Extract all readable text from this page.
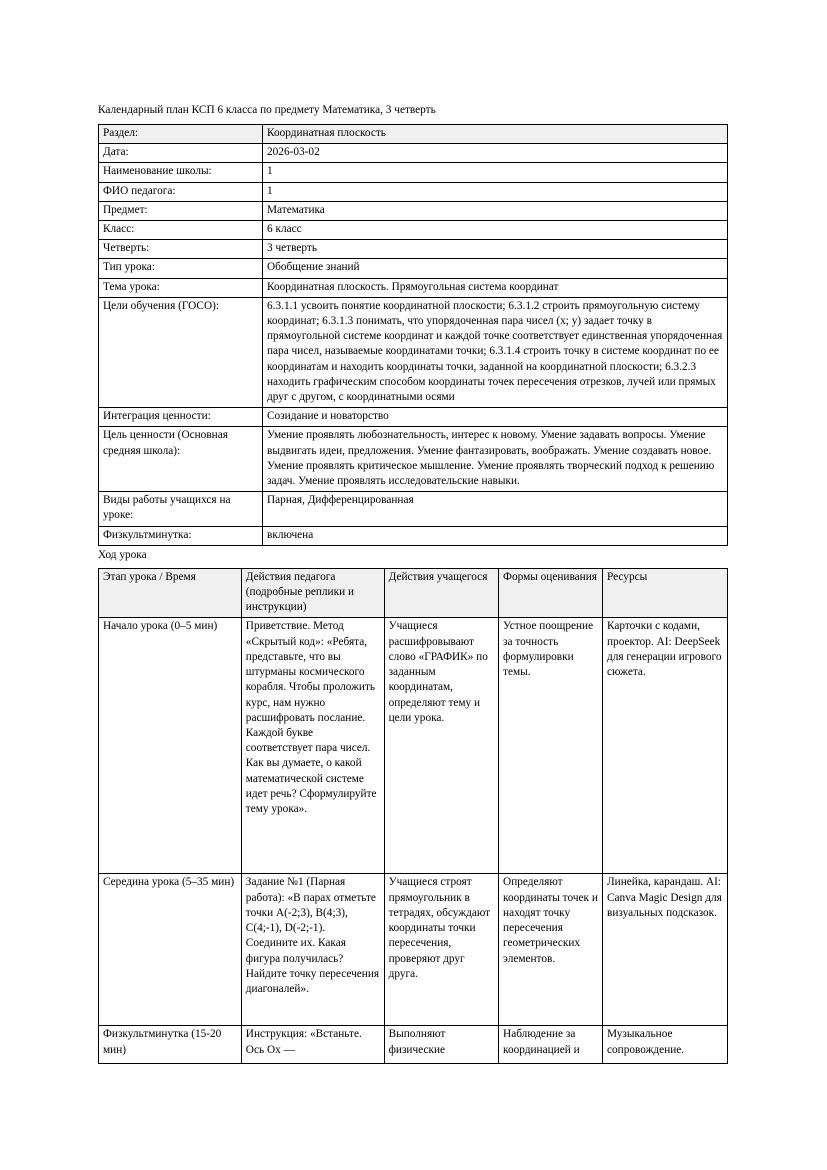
Календарный план КСП 6 класса по предмету Математика, 3 четверть

Раздел:	Координатная плоскость
Дата:	2026-03-02
Наименование школы:	1
ФИО педагога:	1
Предмет:	Математика
Класс:	6 класс
Четверть:	3 четверть
Тип урока:	Обобщение знаний
Тема урока:	Координатная плоскость. Прямоугольная система координат
Цели обучения (ГОСО):	6.3.1.1 усвоить понятие координатной плоскости; 6.3.1.2 строить прямоугольную систему координат; 6.3.1.3 понимать, что упорядоченная пара чисел (x; y) задает точку в прямоугольной системе координат и каждой точке соответствует единственная упорядоченная пара чисел, называемые координатами точки; 6.3.1.4 строить точку в системе координат по ее координатам и находить координаты точки, заданной на координатной плоскости; 6.3.2.3 находить графическим способом координаты точек пересечения отрезков, лучей или прямых друг с другом, с координатными осями
Интеграция ценности:	Созидание и новаторство
Цель ценности (Основная средняя школа):	Умение проявлять любознательность, интерес к новому. Умение задавать вопросы. Умение выдвигать идеи, предложения. Умение фантазировать, воображать. Умение создавать новое. Умение проявлять критическое мышление. Умение проявлять творческий подход к решению задач. Умение проявлять исследовательские навыки.
Виды работы учащихся на уроке:	Парная, Дифференцированная
Физкультминутка:	включена

Ход урока

Этап урока / Время	Действия педагога (подробные реплики и инструкции)	Действия учащегося	Формы оценивания	Ресурсы
Начало урока (0–5 мин)	Приветствие. Метод «Скрытый код»: «Ребята, представьте, что вы штурманы космического корабля. Чтобы проложить курс, нам нужно расшифровать послание. Каждой букве соответствует пара чисел. Как вы думаете, о какой математической системе идет речь? Сформулируйте тему урока».	Учащиеся расшифровывают слово «ГРАФИК» по заданным координатам, определяют тему и цели урока.	Устное поощрение за точность формулировки темы.	Карточки с кодами, проектор. AI: DeepSeek для генерации игрового сюжета.
Середина урока (5–35 мин)	Задание №1 (Парная работа): «В парах отметьте точки A(-2;3), B(4;3), C(4;-1), D(-2;-1). Соедините их. Какая фигура получилась? Найдите точку пересечения диагоналей».	Учащиеся строят прямоугольник в тетрадях, обсуждают координаты точки пересечения, проверяют друг друга.	Определяют координаты точек и находят точку пересечения геометрических элементов.	Линейка, карандаш. AI: Canva Magic Design для визуальных подсказок.
Физкультминутка (15-20 мин)	Инструкция: «Встаньте. Ось Ox —	Выполняют физические	Наблюдение за координацией и	Музыкальное сопровождение.
